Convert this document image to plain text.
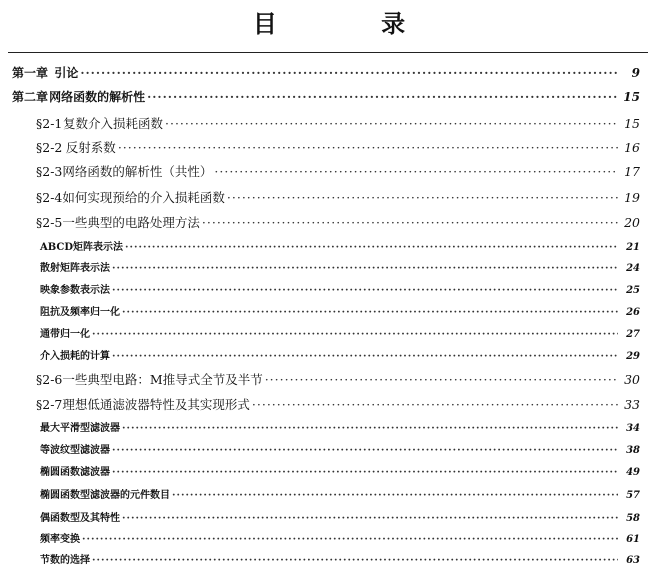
目 录
第一章 引论 ·····	9
第二章 网络函数的解析性 ·····	15
§2-1 复数介入损耗函数 ·····	15
§2-2 反射系数 ·····	16
§2-3 网络函数的解析性（共性） ·····	17
§2-4 如何实现预给的介入损耗函数 ·····	19
§2-5 一些典型的电路处理方法 ·····	20
ABCD矩阵表示法 ·····	21
散射矩阵表示法 ·····	24
映象参数表示法 ·····	25
阻抗及频率归一化 ·····	26
通带归一化 ·····	27
介入损耗的计算 ·····	29
§2-6 一些典型电路：M推导式全节及半节 ·····	30
§2-7 理想低通滤波器特性及其实现形式 ·····	33
最大平滑型滤波器 ·····	34
等波纹型滤波器 ·····	38
椭圆函数滤波器 ·····	49
椭圆函数型滤波器的元件数目 ·····	57
偶函数型及其特性 ·····	58
频率变换 ·····	61
节数的选择 ·····	63
